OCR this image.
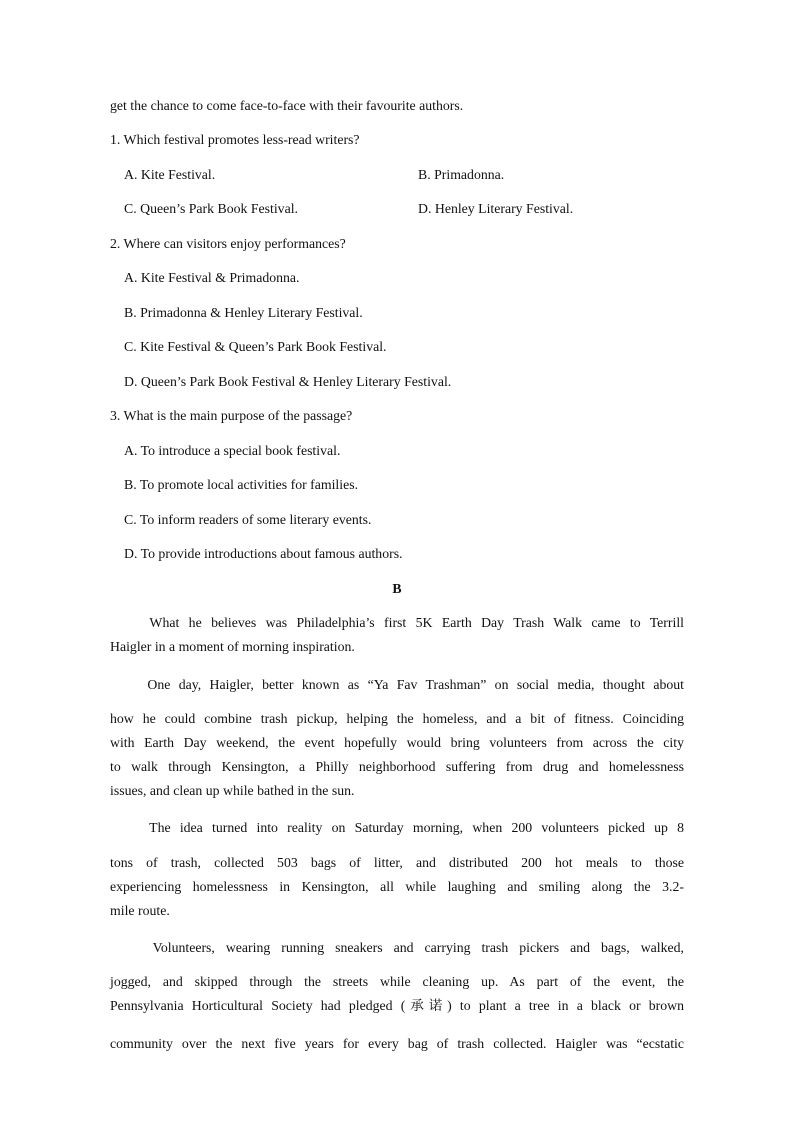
get the chance to come face-to-face with their favourite authors.
1. Which festival promotes less-read writers?
A. Kite Festival.	B. Primadonna.
C. Queen’s Park Book Festival.	D. Henley Literary Festival.
2. Where can visitors enjoy performances?
A. Kite Festival & Primadonna.
B. Primadonna & Henley Literary Festival.
C. Kite Festival & Queen’s Park Book Festival.
D. Queen’s Park Book Festival & Henley Literary Festival.
3. What is the main purpose of the passage?
A. To introduce a special book festival.
B. To promote local activities for families.
C. To inform readers of some literary events.
D. To provide introductions about famous authors.
B
　　What he believes was Philadelphia’s first 5K Earth Day Trash Walk came to Terrill
Haigler in a moment of morning inspiration.
　　One day, Haigler, better known as “Ya Fav Trashman” on social media, thought about
how he could combine trash pickup, helping the homeless, and a bit of fitness. Coinciding
with Earth Day weekend, the event hopefully would bring volunteers from across the city
to walk through Kensington, a Philly neighborhood suffering from drug and homelessness
issues, and clean up while bathed in the sun.
　　The idea turned into reality on Saturday morning, when 200 volunteers picked up 8
tons of trash, collected 503 bags of litter, and distributed 200 hot meals to those
experiencing homelessness in Kensington, all while laughing and smiling along the 3.2-
mile route.
　　Volunteers, wearing running sneakers and carrying trash pickers and bags, walked,
jogged, and skipped through the streets while cleaning up. As part of the event, the
Pennsylvania Horticultural Society had pledged (承诺) to plant a tree in a black or brown
community over the next five years for every bag of trash collected. Haigler was “ecstatic
